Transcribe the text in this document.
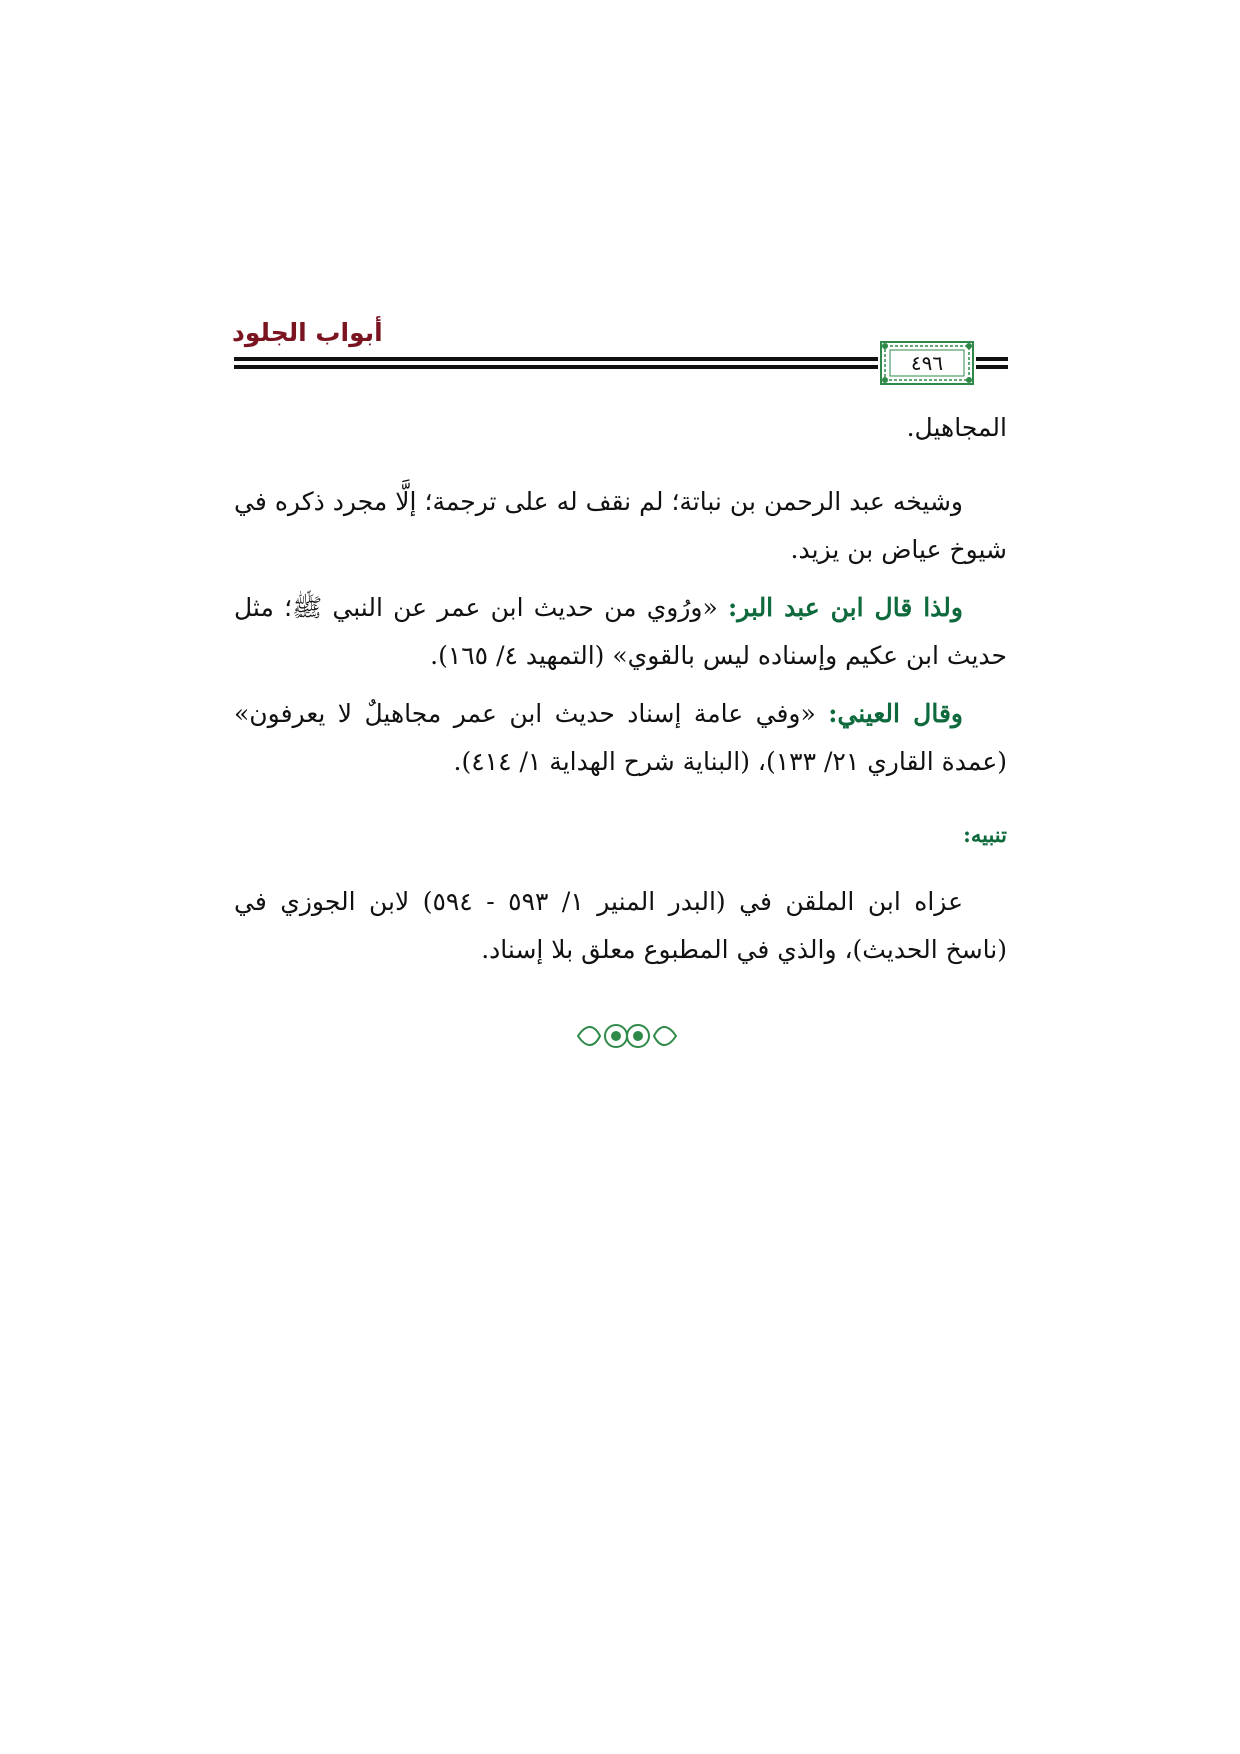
أبواب الجلود
٤٩٦
المجاهيل.
وشيخه عبد الرحمن بن نباتة؛ لم نقف له على ترجمة؛ إلَّا مجرد ذكره في شيوخ عياض بن يزيد.
ولذا قال ابن عبد البر: «ورُوي من حديث ابن عمر عن النبي ﷺ؛ مثل حديث ابن عكيم وإسناده ليس بالقوي» (التمهيد ٤/ ١٦٥).
وقال العيني: «وفي عامة إسناد حديث ابن عمر مجاهيلٌ لا يعرفون» (عمدة القاري ٢١/ ١٣٣)، (البناية شرح الهداية ١/ ٤١٤).
تنبيه:
عزاه ابن الملقن في (البدر المنير ١/ ٥٩٣ - ٥٩٤) لابن الجوزي في (ناسخ الحديث)، والذي في المطبوع معلق بلا إسناد.
